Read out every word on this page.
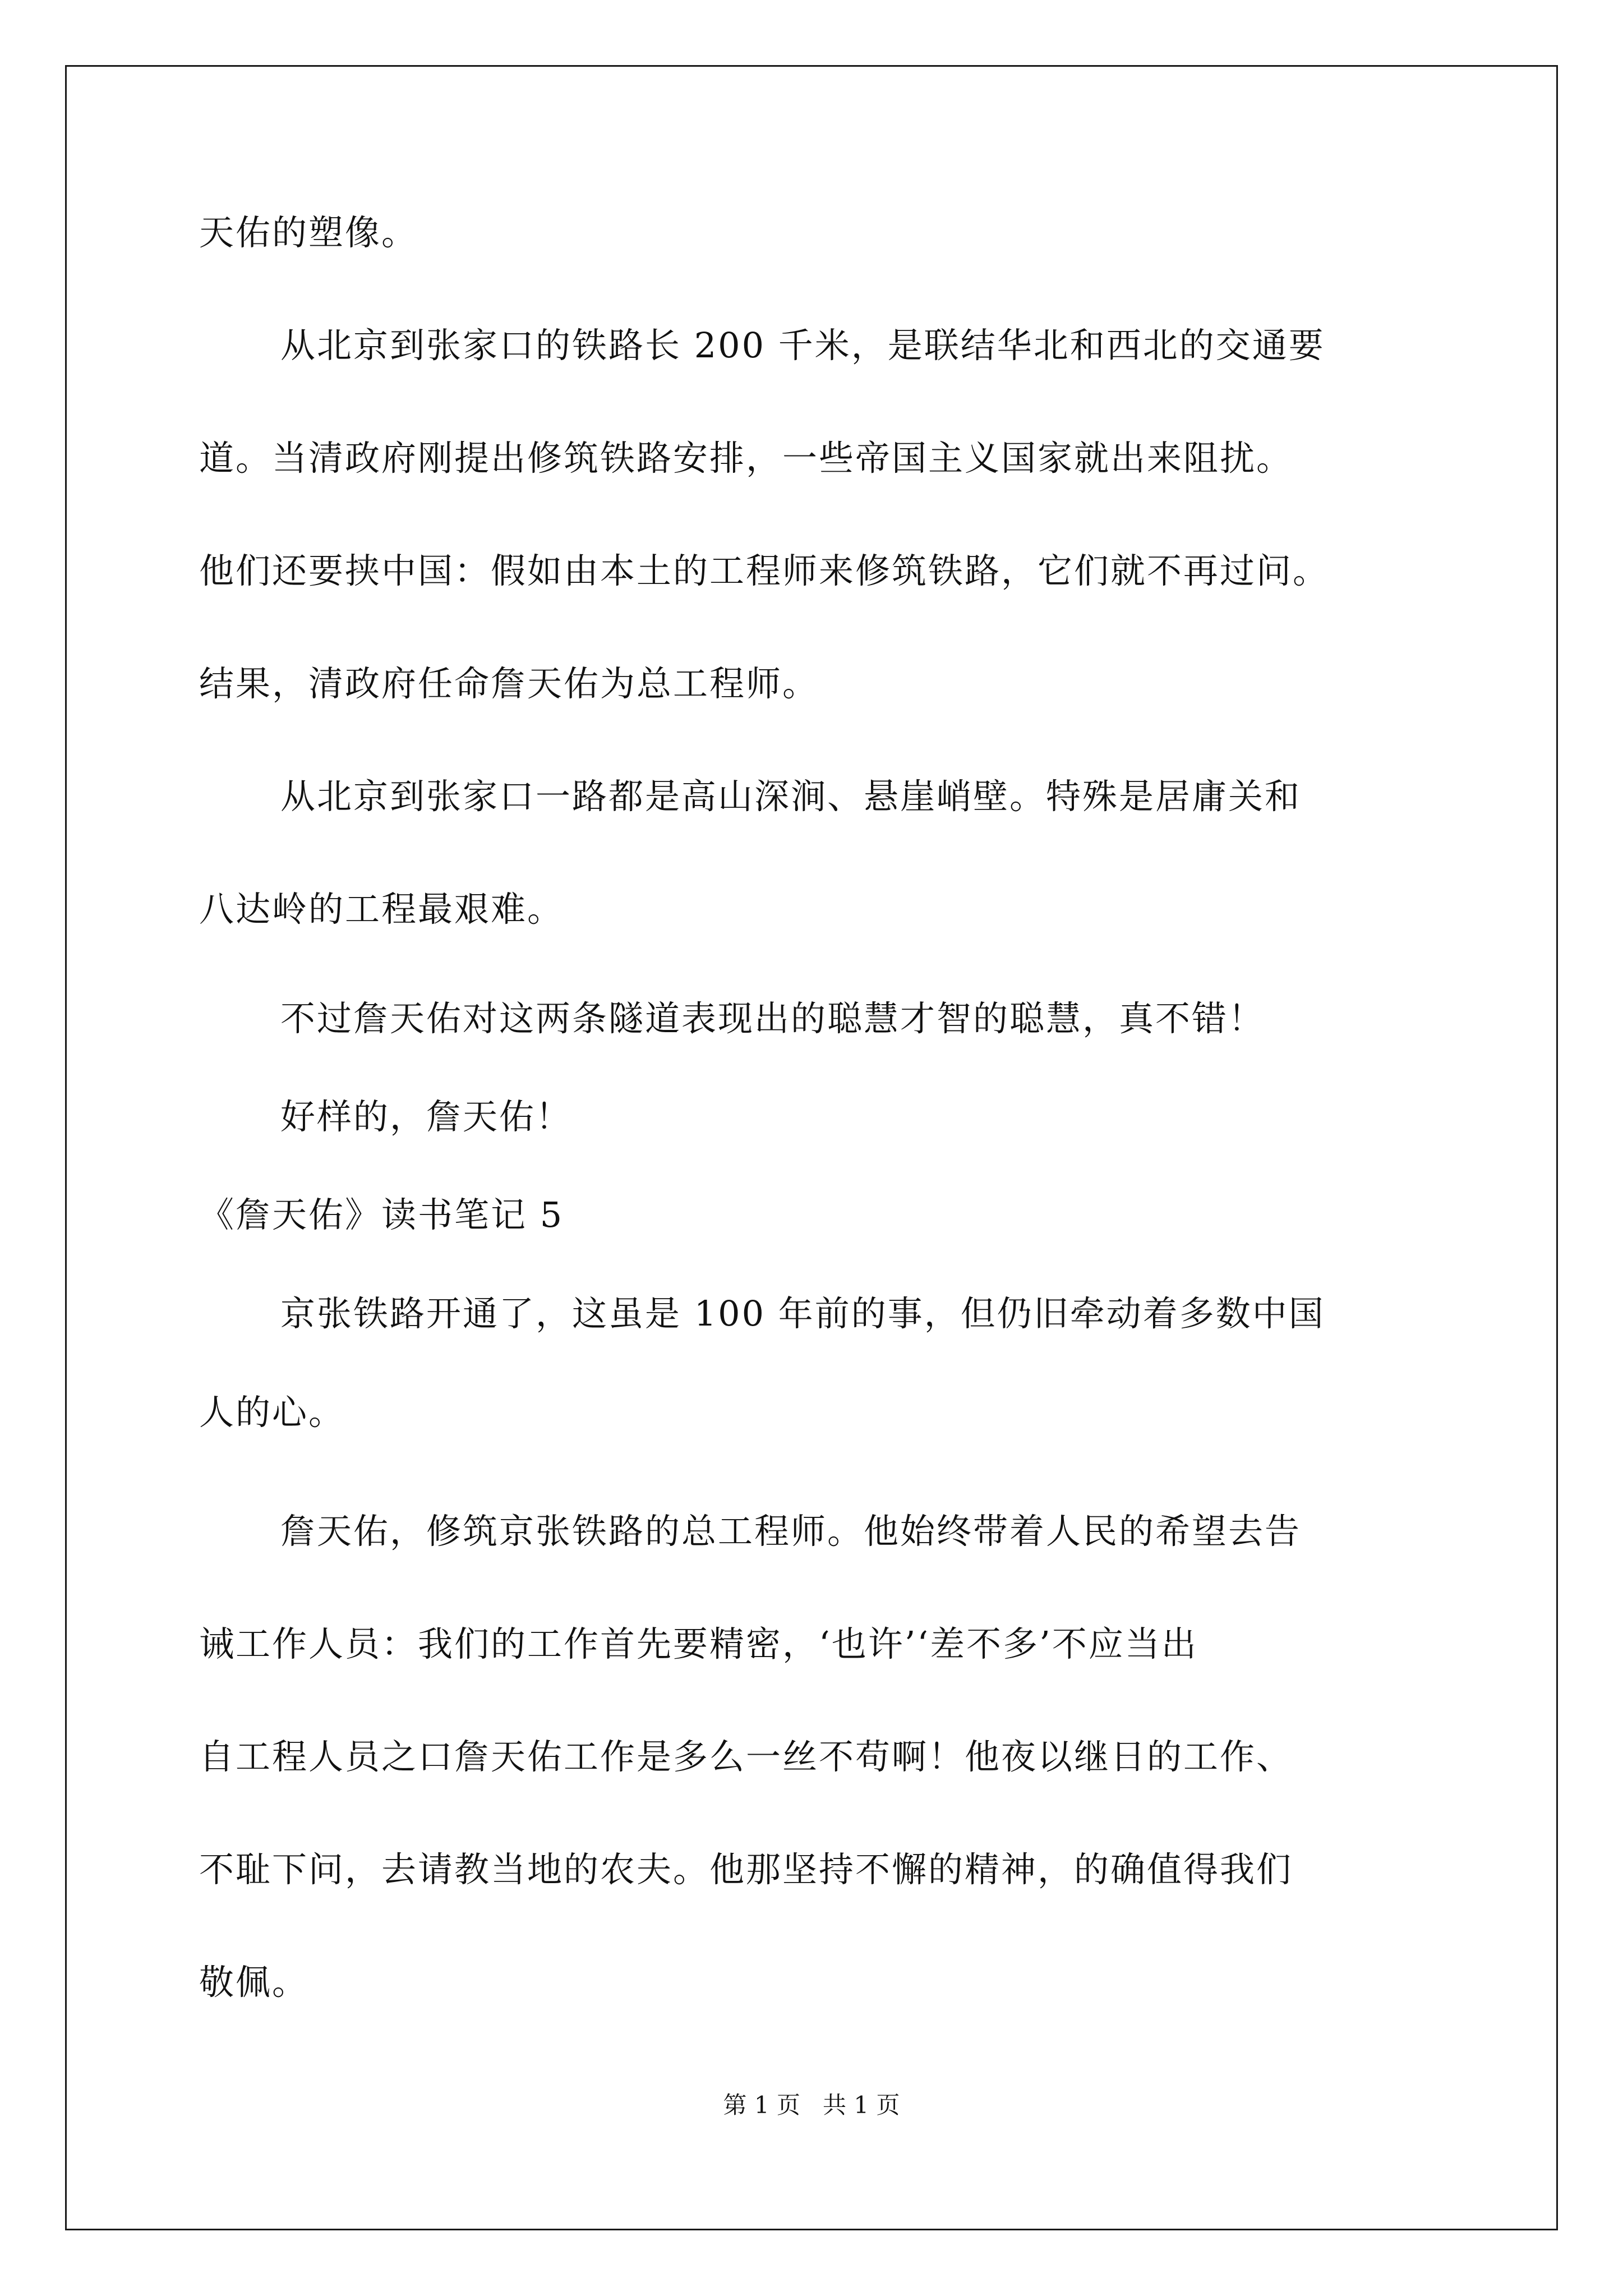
天佑的塑像。
从北京到张家口的铁路长 200 千米，是联结华北和西北的交通要
道。当清政府刚提出修筑铁路安排，一些帝国主义国家就出来阻扰。
他们还要挟中国：假如由本土的工程师来修筑铁路，它们就不再过问。
结果，清政府任命詹天佑为总工程师。
从北京到张家口一路都是高山深涧、悬崖峭壁。特殊是居庸关和
八达岭的工程最艰难。
不过詹天佑对这两条隧道表现出的聪慧才智的聪慧，真不错！
好样的，詹天佑！
《詹天佑》读书笔记 5
京张铁路开通了，这虽是 100 年前的事，但仍旧牵动着多数中国
人的心。
詹天佑，修筑京张铁路的总工程师。他始终带着人民的希望去告
诫工作人员：我们的工作首先要精密，‘也许’‘差不多’不应当出
自工程人员之口詹天佑工作是多么一丝不苟啊！他夜以继日的工作、
不耻下问，去请教当地的农夫。他那坚持不懈的精神，的确值得我们
敬佩。
第 1 页   共 1 页
